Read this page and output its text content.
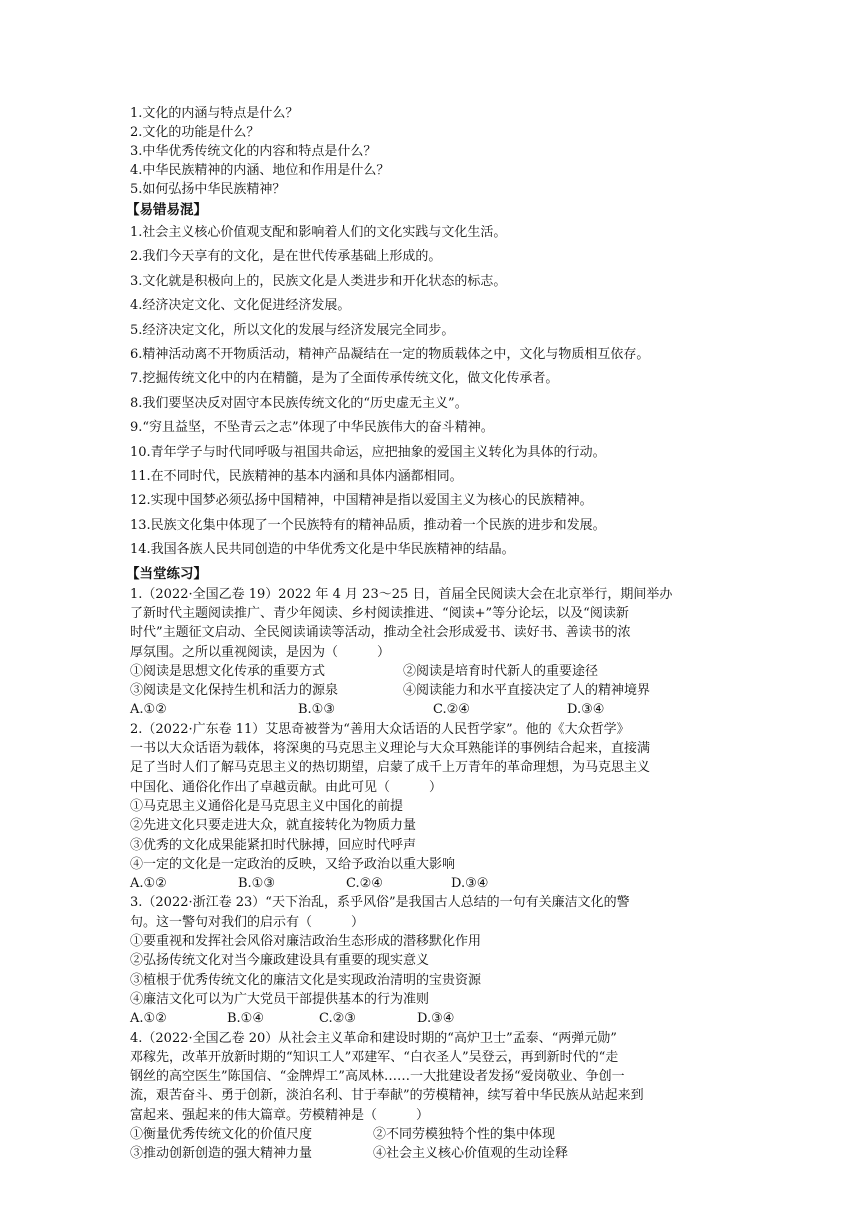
1.文化的内涵与特点是什么？
2.文化的功能是什么？
3.中华优秀传统文化的内容和特点是什么？
4.中华民族精神的内涵、地位和作用是什么？
5.如何弘扬中华民族精神？
【易错易混】
1.社会主义核心价值观支配和影响着人们的文化实践与文化生活。
2.我们今天享有的文化，是在世代传承基础上形成的。
3.文化就是积极向上的，民族文化是人类进步和开化状态的标志。
4.经济决定文化、文化促进经济发展。
5.经济决定文化，所以文化的发展与经济发展完全同步。
6.精神活动离不开物质活动，精神产品凝结在一定的物质载体之中，文化与物质相互依存。
7.挖掘传统文化中的内在精髓，是为了全面传承传统文化，做文化传承者。
8.我们要坚决反对固守本民族传统文化的“历史虚无主义”。
9.“穷且益坚，不坠青云之志”体现了中华民族伟大的奋斗精神。
10.青年学子与时代同呼吸与祖国共命运，应把抽象的爱国主义转化为具体的行动。
11.在不同时代，民族精神的基本内涵和具体内涵都相同。
12.实现中国梦必须弘扬中国精神，中国精神是指以爱国主义为核心的民族精神。
13.民族文化集中体现了一个民族特有的精神品质，推动着一个民族的进步和发展。
14.我国各族人民共同创造的中华优秀文化是中华民族精神的结晶。
【当堂练习】
1.（2022·全国乙卷 19）2022 年 4 月 23～25 日，首届全民阅读大会在北京举行，期间举办
了新时代主题阅读推广、青少年阅读、乡村阅读推进、“阅读+”等分论坛，以及“阅读新
时代”主题征文启动、全民阅读诵读等活动，推动全社会形成爱书、读好书、善读书的浓
厚氛围。之所以重视阅读，是因为（　　　）
①阅读是思想文化传承的重要方式	②阅读是培育时代新人的重要途径
③阅读是文化保持生机和活力的源泉	④阅读能力和水平直接决定了人的精神境界
A.①②	B.①③	C.②④	D.③④
2.（2022·广东卷 11）艾思奇被誉为“善用大众话语的人民哲学家”。他的《大众哲学》
一书以大众话语为载体，将深奥的马克思主义理论与大众耳熟能详的事例结合起来，直接满
足了当时人们了解马克思主义的热切期望，启蒙了成千上万青年的革命理想，为马克思主义
中国化、通俗化作出了卓越贡献。由此可见（　　　）
①马克思主义通俗化是马克思主义中国化的前提
②先进文化只要走进大众，就直接转化为物质力量
③优秀的文化成果能紧扣时代脉搏，回应时代呼声
④一定的文化是一定政治的反映，又给予政治以重大影响
A.①②	B.①③	C.②④	D.③④
3.（2022·浙江卷 23）“天下治乱，系乎风俗”是我国古人总结的一句有关廉洁文化的警
句。这一警句对我们的启示有（　　　）
①要重视和发挥社会风俗对廉洁政治生态形成的潜移默化作用
②弘扬传统文化对当今廉政建设具有重要的现实意义
③植根于优秀传统文化的廉洁文化是实现政治清明的宝贵资源
④廉洁文化可以为广大党员干部提供基本的行为准则
A.①②	B.①④	C.②③	D.③④
4.（2022·全国乙卷 20）从社会主义革命和建设时期的“高炉卫士”孟泰、“两弹元勋”
邓稼先，改革开放新时期的“知识工人”邓建军、“白衣圣人”吴登云，再到新时代的“走
钢丝的高空医生”陈国信、“金牌焊工”高凤林……一大批建设者发扬“爱岗敬业、争创一
流，艰苦奋斗、勇于创新，淡泊名利、甘于奉献”的劳模精神，续写着中华民族从站起来到
富起来、强起来的伟大篇章。劳模精神是（　　　）
①衡量优秀传统文化的价值尺度	②不同劳模独特个性的集中体现
③推动创新创造的强大精神力量	④社会主义核心价值观的生动诠释
